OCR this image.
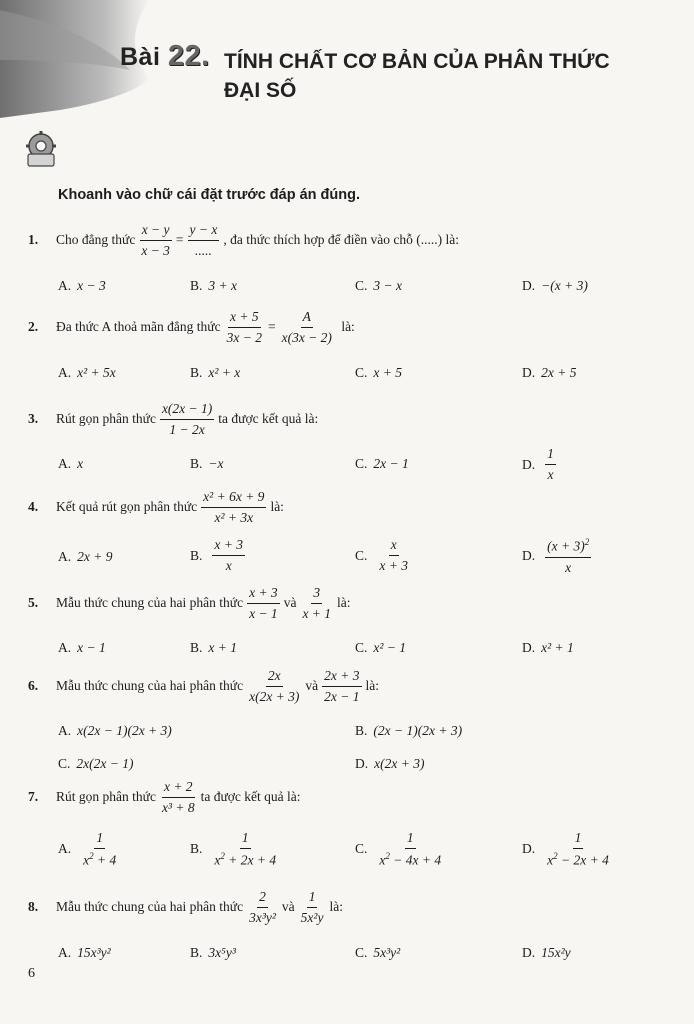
Bài 22. TÍNH CHẤT CƠ BẢN CỦA PHÂN THỨC
ĐẠI SỐ
Khoanh vào chữ cái đặt trước đáp án đúng.
1.	Cho đẳng thức
x − y
x − 3
=
y − x
.....
, đa thức thích hợp để điền vào chỗ (.....) là:
A. x − 3	B. 3 + x	C. 3 − x	D. −(x + 3)
2.	Đa thức A thoả mãn đẳng thức
x + 5
3x − 2
=
A
x(3x − 2)

là:
A. x² + 5x	B. x² + x	C. x + 5	D. 2x + 5
3.	Rút gọn phân thức
x(2x − 1)
1 − 2x
ta được kết quả là:
A. x	B. −x	C. 2x − 1	D.
1
x
4.	Kết quả rút gọn phân thức
x² + 6x + 9
x² + 3x
là:
A. 2x + 9	B.
x + 3
x
C.
x
x + 3
D.
$(x + 3)^2$
x
5.	Mẫu thức chung của hai phân thức
x + 3
x − 1
và
3
x + 1
là:
A. x − 1	B. x + 1	C. x² − 1	D. x² + 1
6.	Mẫu thức chung của hai phân thức
2x
x(2x + 3)
và
2x + 3
2x − 1
là:
A. x(2x − 1)(2x + 3)	B. (2x − 1)(2x + 3)
C. 2x(2x − 1)	D. x(2x + 3)
7.	Rút gọn phân thức
x + 2
x³ + 8
ta được kết quả là:
A.
1
$x^2 + 4$
B.
1
$x^2 + 2x + 4$
C.
1
$x^2 - 4x + 4$
D.
1
$x^2 - 2x + 4$
8.	Mẫu thức chung của hai phân thức
2
3x³y²
và
1
5x²y
là:
A. 15x³y²	B. 3x⁵y³	C. 5x³y²	D. 15x²y
6
